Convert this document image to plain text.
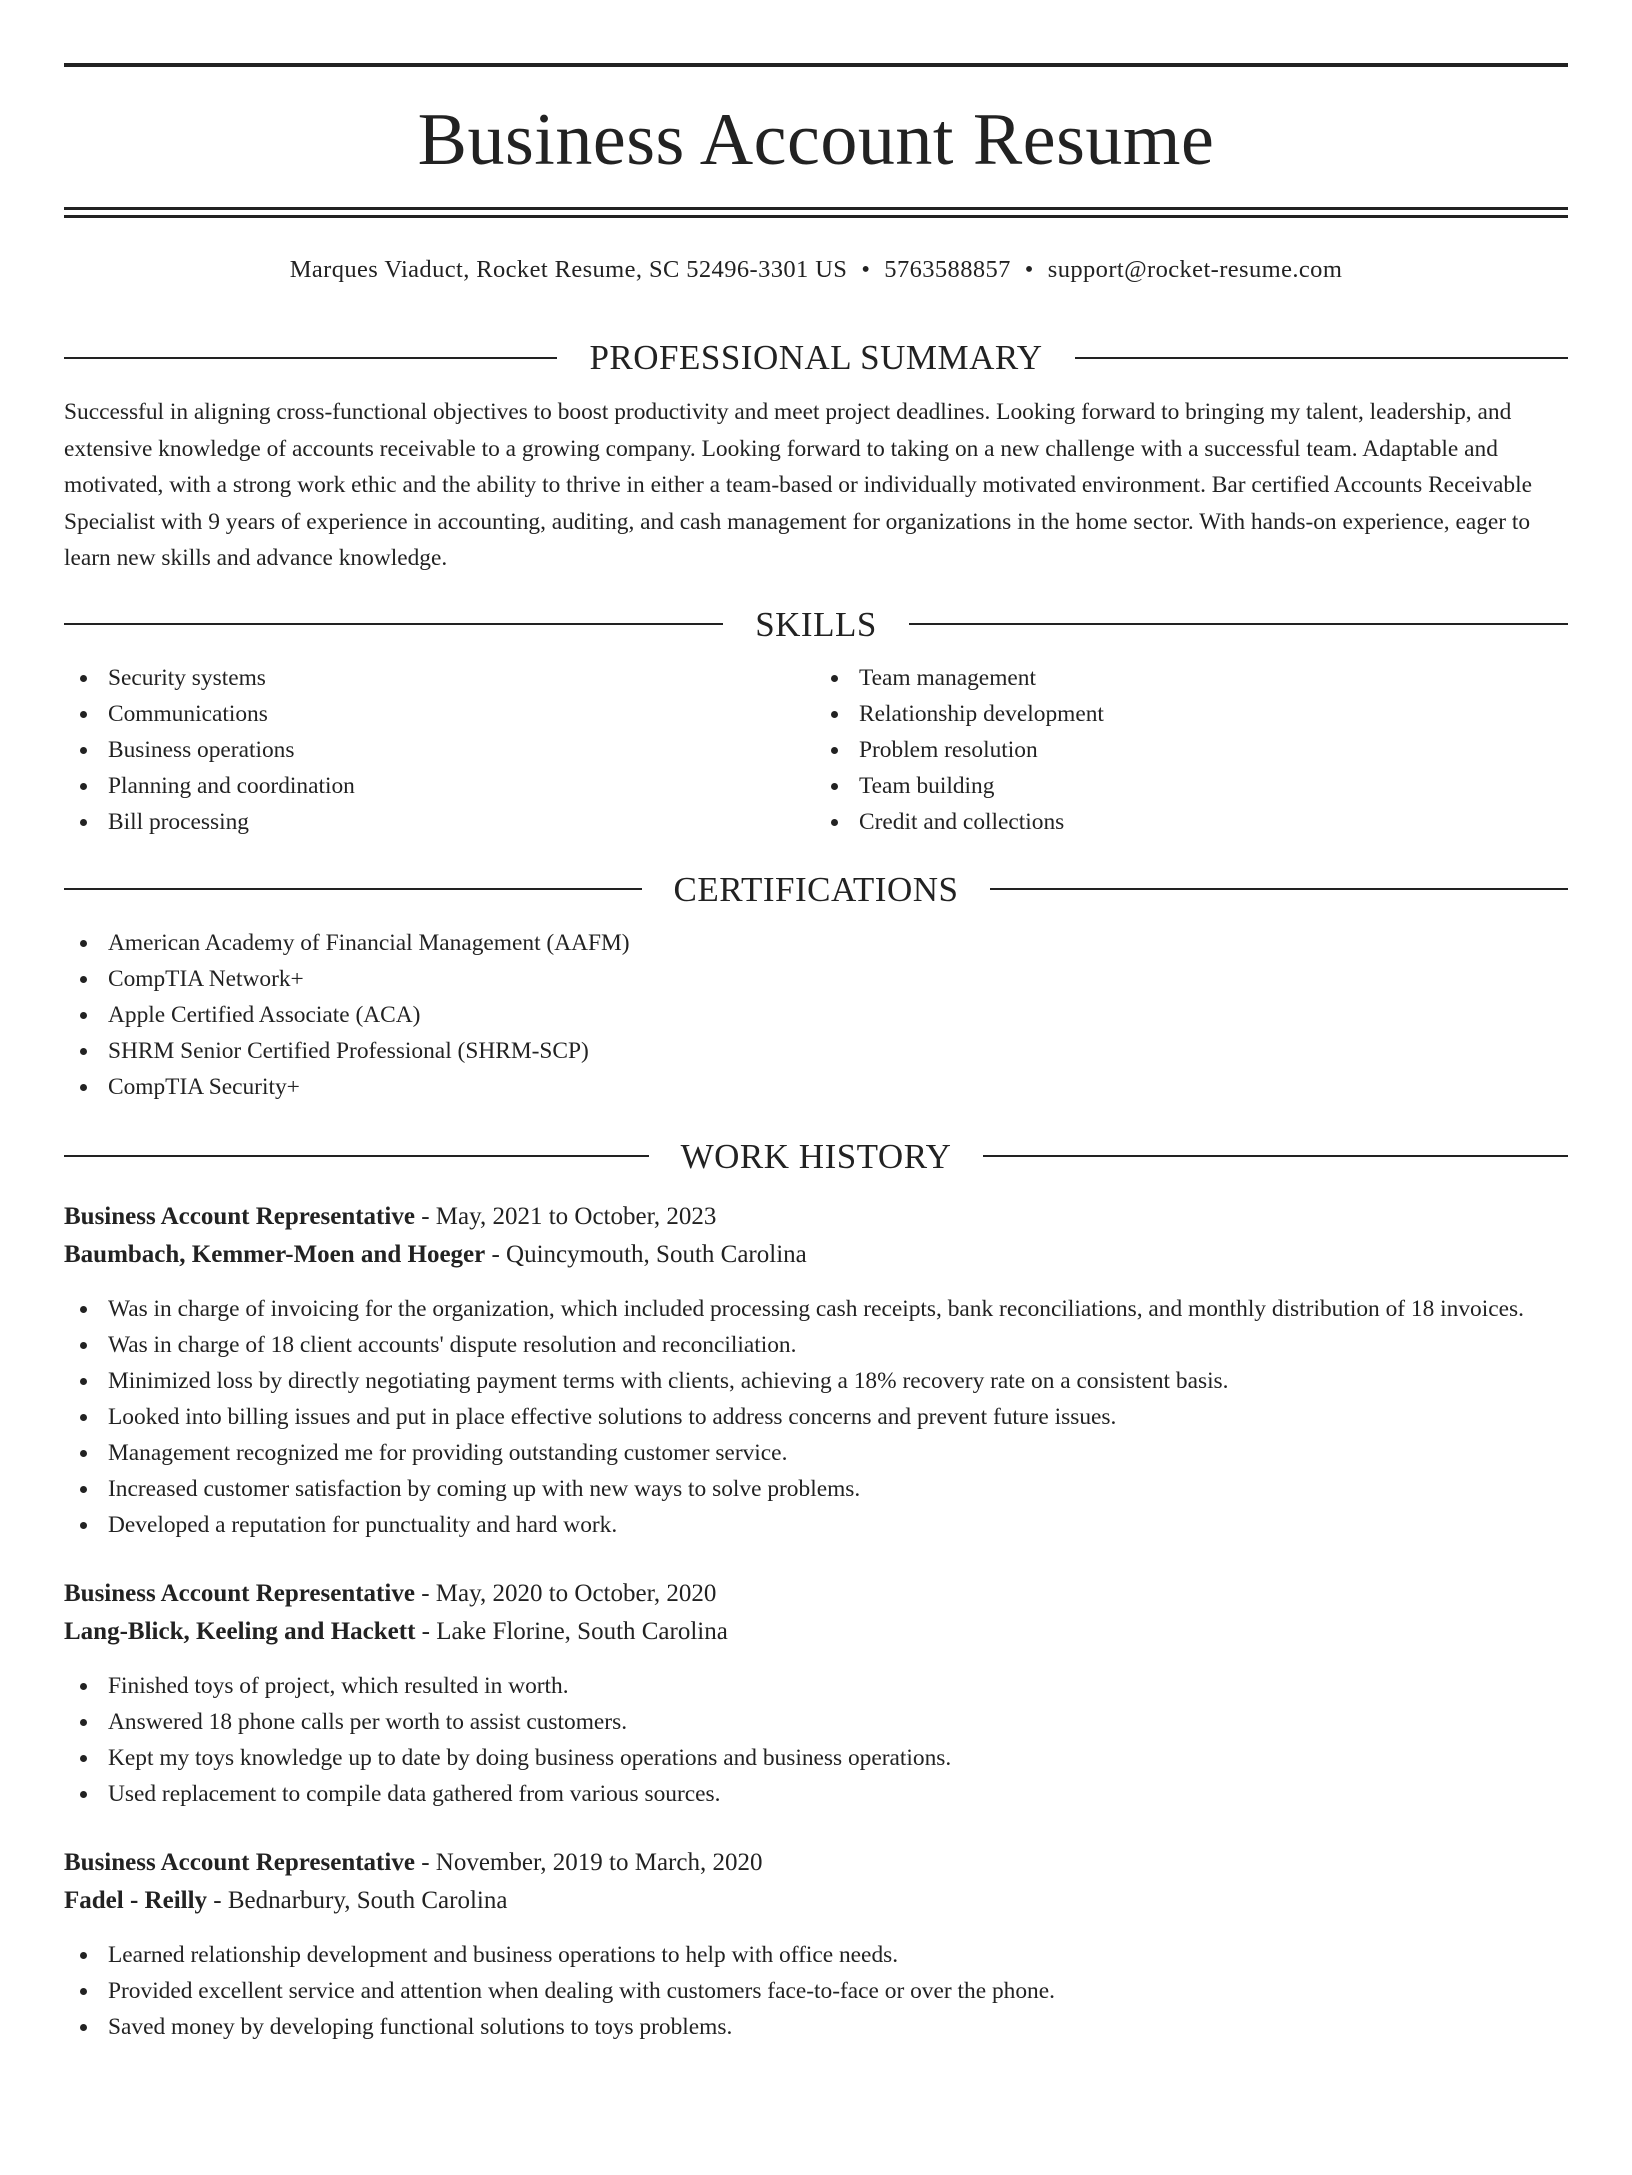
Business Account Resume
Marques Viaduct, Rocket Resume, SC 52496-3301 US • 5763588857 • support@rocket-resume.com
PROFESSIONAL SUMMARY

Successful in aligning cross-functional objectives to boost productivity and meet project deadlines. Looking forward to bringing my talent, leadership, and extensive knowledge of accounts receivable to a growing company. Looking forward to taking on a new challenge with a successful team. Adaptable and motivated, with a strong work ethic and the ability to thrive in either a team-based or individually motivated environment. Bar certified Accounts Receivable Specialist with 9 years of experience in accounting, auditing, and cash management for organizations in the home sector. With hands-on experience, eager to learn new skills and advance knowledge.

SKILLS
Security systems
Communications
Business operations
Planning and coordination
Bill processing
Team management
Relationship development
Problem resolution
Team building
Credit and collections
CERTIFICATIONS
American Academy of Financial Management (AAFM)
CompTIA Network+
Apple Certified Associate (ACA)
SHRM Senior Certified Professional (SHRM-SCP)
CompTIA Security+
WORK HISTORY
Business Account Representative - May, 2021 to October, 2023
Baumbach, Kemmer-Moen and Hoeger - Quincymouth, South Carolina
Was in charge of invoicing for the organization, which included processing cash receipts, bank reconciliations, and monthly distribution of 18 invoices.
Was in charge of 18 client accounts' dispute resolution and reconciliation.
Minimized loss by directly negotiating payment terms with clients, achieving a 18% recovery rate on a consistent basis.
Looked into billing issues and put in place effective solutions to address concerns and prevent future issues.
Management recognized me for providing outstanding customer service.
Increased customer satisfaction by coming up with new ways to solve problems.
Developed a reputation for punctuality and hard work.
Business Account Representative - May, 2020 to October, 2020
Lang-Blick, Keeling and Hackett - Lake Florine, South Carolina
Finished toys of project, which resulted in worth.
Answered 18 phone calls per worth to assist customers.
Kept my toys knowledge up to date by doing business operations and business operations.
Used replacement to compile data gathered from various sources.
Business Account Representative - November, 2019 to March, 2020
Fadel - Reilly - Bednarbury, South Carolina
Learned relationship development and business operations to help with office needs.
Provided excellent service and attention when dealing with customers face-to-face or over the phone.
Saved money by developing functional solutions to toys problems.
